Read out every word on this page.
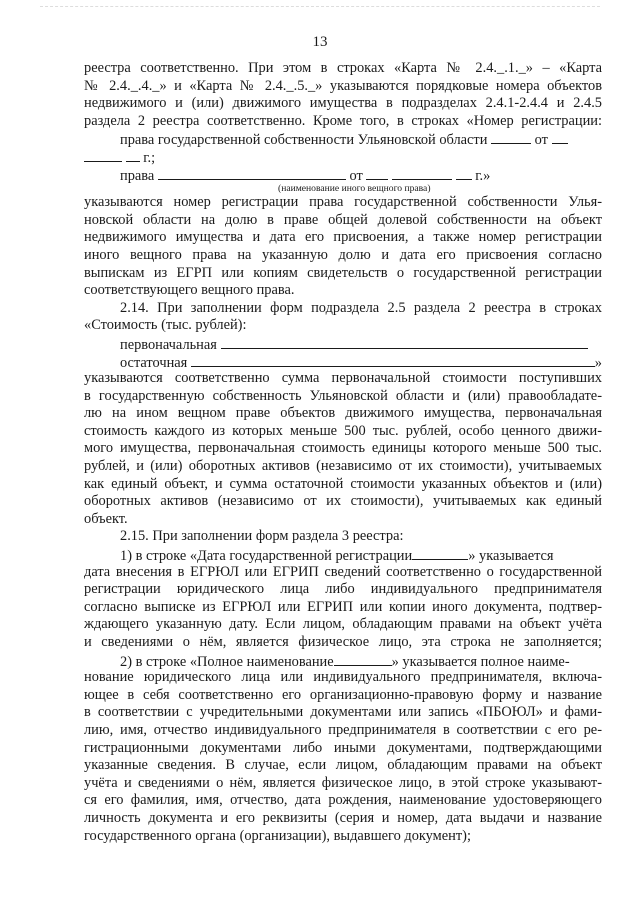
13
реестра соответственно. При этом в строках «Карта № 2.4._.1._» – «Карта
№ 2.4._.4._» и «Карта № 2.4._.5._» указываются порядковые номера объектов
недвижимого и (или) движимого имущества в подразделах 2.4.1-2.4.4 и 2.4.5
раздела 2 реестра соответственно. Кроме того, в строках «Номер регистрации:
права государственной собственности Ульяновской области	от
г.;
права	от	г.»
(наименование иного вещного права)
указываются номер регистрации права государственной собственности Улья-
новской области на долю в праве общей долевой собственности на объект
недвижимого имущества и дата его присвоения, а также номер регистрации
иного вещного права на указанную долю и дата его присвоения согласно
выпискам из ЕГРП или копиям свидетельств о государственной регистрации
соответствующего вещного права.
2.14. При заполнении форм подраздела 2.5 раздела 2 реестра в строках
«Стоимость (тыс. рублей):
первоначальная
остаточная	»
указываются соответственно сумма первоначальной стоимости поступивших
в государственную собственность Ульяновской области и (или) правообладате-
лю на ином вещном праве объектов движимого имущества, первоначальная
стоимость каждого из которых меньше 500 тыс. рублей, особо ценного движи-
мого имущества, первоначальная стоимость единицы которого меньше 500 тыс.
рублей, и (или) оборотных активов (независимо от их стоимости), учитываемых
как единый объект, и сумма остаточной стоимости указанных объектов и (или)
оборотных активов (независимо от их стоимости), учитываемых как единый
объект.
2.15. При заполнении форм раздела 3 реестра:
1) в строке «Дата государственной регистрации	» указывается
дата внесения в ЕГРЮЛ или ЕГРИП сведений соответственно о государственной
регистрации юридического лица либо индивидуального предпринимателя
согласно выписке из ЕГРЮЛ или ЕГРИП или копии иного документа, подтвер-
ждающего указанную дату. Если лицом, обладающим правами на объект учёта
и сведениями о нём, является физическое лицо, эта строка не заполняется;
2) в строке «Полное наименование	» указывается полное наиме-
нование юридического лица или индивидуального предпринимателя, включа-
ющее в себя соответственно его организационно-правовую форму и название
в соответствии с учредительными документами или запись «ПБОЮЛ» и фами-
лию, имя, отчество индивидуального предпринимателя в соответствии с его ре-
гистрационными документами либо иными документами, подтверждающими
указанные сведения. В случае, если лицом, обладающим правами на объект
учёта и сведениями о нём, является физическое лицо, в этой строке указывают-
ся его фамилия, имя, отчество, дата рождения, наименование удостоверяющего
личность документа и его реквизиты (серия и номер, дата выдачи и название
государственного органа (организации), выдавшего документ);
